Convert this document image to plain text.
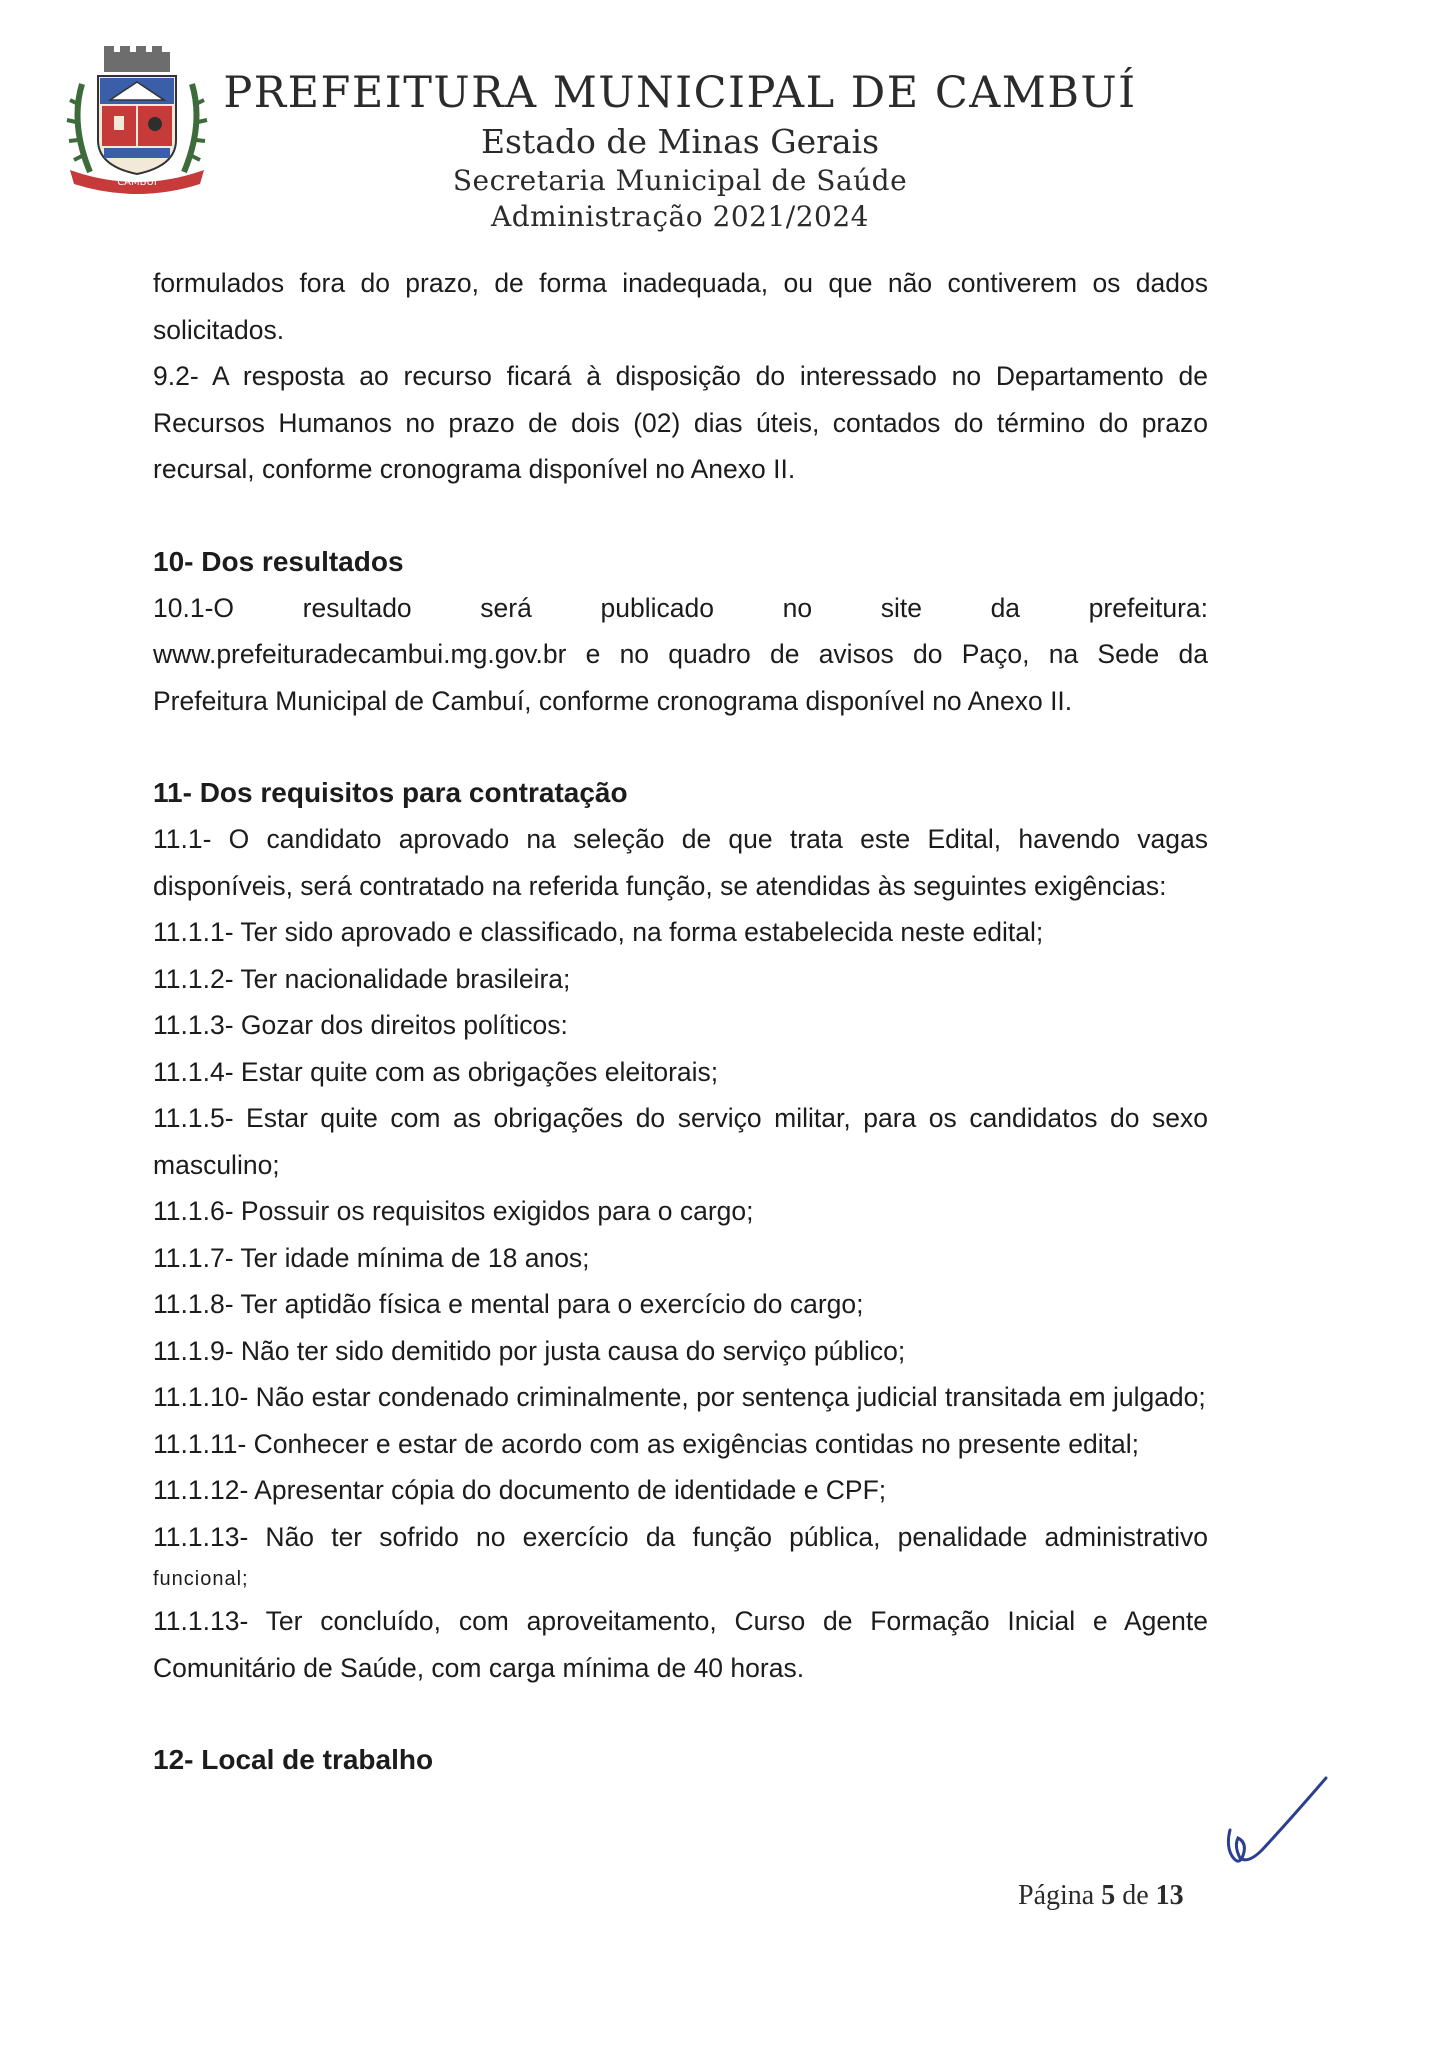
CAMBUÍ
PREFEITURA MUNICIPAL DE CAMBUÍ
Estado de Minas Gerais
Secretaria Municipal de Saúde
Administração 2021/2024

formulados fora do prazo, de forma inadequada, ou que não contiverem os dados solicitados.

9.2- A resposta ao recurso ficará à disposição do interessado no Departamento de Recursos Humanos no prazo de dois (02) dias úteis, contados do término do prazo recursal, conforme cronograma disponível no Anexo II.

10- Dos resultados

10.1-O resultado será publicado no site da prefeitura:

www.prefeituradecambui.mg.gov.br e no quadro de avisos do Paço, na Sede da Prefeitura Municipal de Cambuí, conforme cronograma disponível no Anexo II.

11- Dos requisitos para contratação

11.1- O candidato aprovado na seleção de que trata este Edital, havendo vagas disponíveis, será contratado na referida função, se atendidas às seguintes exigências:

11.1.1- Ter sido aprovado e classificado, na forma estabelecida neste edital;

11.1.2- Ter nacionalidade brasileira;

11.1.3- Gozar dos direitos políticos:

11.1.4- Estar quite com as obrigações eleitorais;

11.1.5- Estar quite com as obrigações do serviço militar, para os candidatos do sexo masculino;

11.1.6- Possuir os requisitos exigidos para o cargo;

11.1.7- Ter idade mínima de 18 anos;

11.1.8- Ter aptidão física e mental para o exercício do cargo;

11.1.9- Não ter sido demitido por justa causa do serviço público;

11.1.10- Não estar condenado criminalmente, por sentença judicial transitada em julgado;

11.1.11- Conhecer e estar de acordo com as exigências contidas no presente edital;

11.1.12- Apresentar cópia do documento de identidade e CPF;

11.1.13- Não ter sofrido no exercício da função pública, penalidade administrativo

funcional;

11.1.13- Ter concluído, com aproveitamento, Curso de Formação Inicial e Agente Comunitário de Saúde, com carga mínima de 40 horas.

12- Local de trabalho

Página 5 de 13
